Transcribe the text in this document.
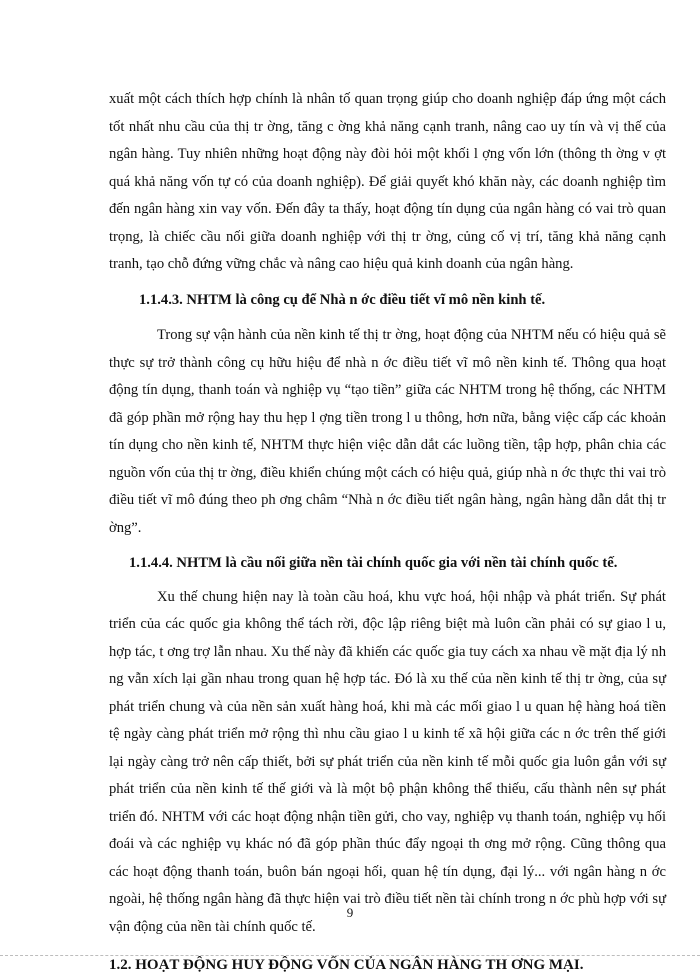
xuất một cách thích hợp chính là nhân tố quan trọng giúp cho doanh nghiệp đáp ứng một cách tốt nhất nhu cầu của thị tr ờng, tăng c ờng khả năng cạnh tranh, nâng cao uy tín và vị thế của ngân hàng. Tuy nhiên những hoạt động này đòi hỏi một khối l ợng vốn lớn (thông th ờng v ợt quá khả năng vốn tự có của doanh nghiệp). Để giải quyết khó khăn này, các doanh nghiệp tìm đến ngân hàng xin vay vốn. Đến đây ta thấy, hoạt động tín dụng của ngân hàng có vai trò quan trọng, là chiếc cầu nối giữa doanh nghiệp với thị tr ờng, củng cố vị trí, tăng khả năng cạnh tranh, tạo chỗ đứng vững chắc và nâng cao hiệu quả kinh doanh của ngân hàng.

1.1.4.3. NHTM là công cụ để Nhà n ớc điều tiết vĩ mô nền kinh tế.

Trong sự vận hành của nền kinh tế thị tr ờng, hoạt động của NHTM nếu có hiệu quả sẽ thực sự trở thành công cụ hữu hiệu để nhà n ớc điều tiết vĩ mô nền kinh tế. Thông qua hoạt động tín dụng, thanh toán và nghiệp vụ “tạo tiền” giữa các NHTM trong hệ thống, các NHTM đã góp phần mở rộng hay thu hẹp l ợng tiền trong l u thông, hơn nữa, bằng việc cấp các khoản tín dụng cho nền kinh tế, NHTM thực hiện việc dẫn dắt các luồng tiền, tập hợp, phân chia các nguồn vốn của thị tr ờng, điều khiển chúng một cách có hiệu quả, giúp nhà n ớc thực thi vai trò điều tiết vĩ mô đúng theo ph ơng châm “Nhà n ớc điều tiết ngân hàng, ngân hàng dẫn dắt thị tr ờng”.

1.1.4.4. NHTM là cầu nối giữa nền tài chính quốc gia với nền tài chính quốc tế.

Xu thế chung hiện nay là toàn cầu hoá, khu vực hoá, hội nhập và phát triển. Sự phát triển của các quốc gia không thể tách rời, độc lập riêng biệt mà luôn cần phải có sự giao l u, hợp tác, t ơng trợ lẫn nhau. Xu thế này đã khiến các quốc gia tuy cách xa nhau về mặt địa lý nh ng vẫn xích lại gần nhau trong quan hệ hợp tác. Đó là xu thế của nền kinh tế thị tr ờng, của sự phát triển chung và của nền sản xuất hàng hoá, khi mà các mối giao l u quan hệ hàng hoá tiền tệ ngày càng phát triển mở rộng thì nhu cầu giao l u kinh tế xã hội giữa các n ớc trên thế giới lại ngày càng trở nên cấp thiết, bởi sự phát triển của nền kinh tế mỗi quốc gia luôn gắn với sự phát triển của nền kinh tế thế giới và là một bộ phận không thể thiếu, cấu thành nên sự phát triển đó. NHTM với các hoạt động nhận tiền gửi, cho vay, nghiệp vụ thanh toán, nghiệp vụ hối đoái và các nghiệp vụ khác nó đã góp phần thúc đẩy ngoại th ơng mở rộng. Cũng thông qua các hoạt động thanh toán, buôn bán ngoại hối, quan hệ tín dụng, đại lý... với ngân hàng n ớc ngoài, hệ thống ngân hàng đã thực hiện vai trò điều tiết nền tài chính trong n ớc phù hợp với sự vận động của nền tài chính quốc tế.

1.2. HOẠT ĐỘNG HUY ĐỘNG VỐN CỦA NGÂN HÀNG TH ƠNG MẠI.

9
